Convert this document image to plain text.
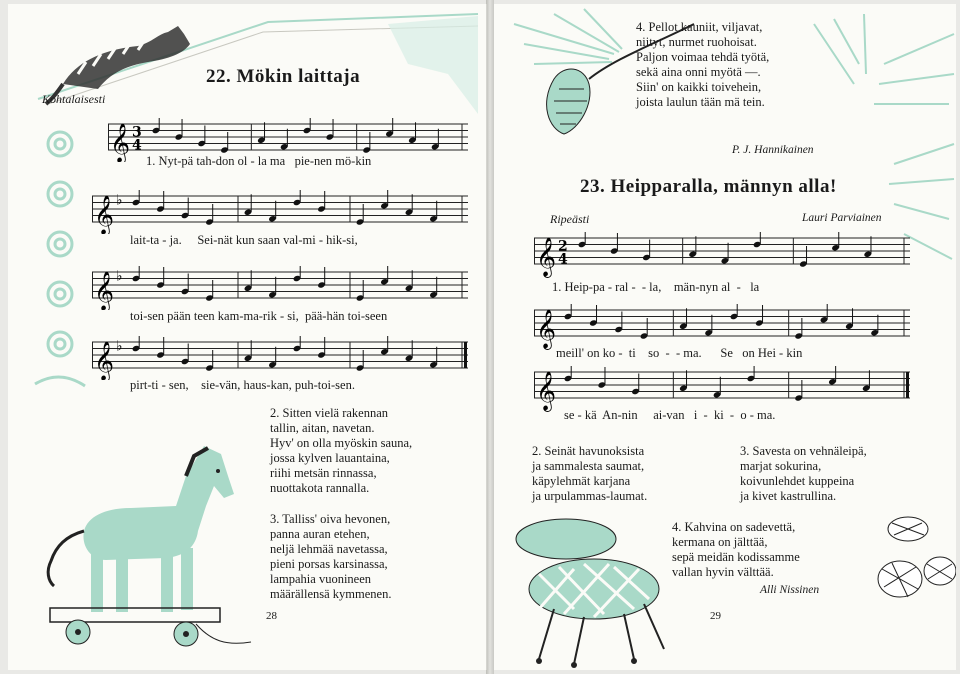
22. Mökin laittaja
Kohtalaisesti
𝄞 3
4
1. Nyt-pä tah-don ol - la ma   pie-nen mö-kin
𝄞 ♭
lait-ta - ja.     Sei-nät kun saan val-mi - hik-si,
𝄞 ♭
toi-sen pään teen kam-ma-rik - si,  pää-hän toi-seen
𝄞 ♭
pirt-ti - sen,    sie-vän, haus-kan, puh-toi-sen.
2. Sitten vielä rakennan
tallin, aitan, navetan.
Hyv' on olla myöskin sauna,
jossa kylven lauantaina,
riihi metsän rinnassa,
nuottakota rannalla.
3. Talliss' oiva hevonen,
panna auran etehen,
neljä lehmää navetassa,
pieni porsas karsinassa,
lampahia vuonineen
määrällensä kymmenen.
28
4. Pellot kauniit, viljavat,
niityt, nurmet ruohoisat.
Paljon voimaa tehdä työtä,
sekä aina onni myötä —.
Siin' on kaikki toivehein,
joista laulun tään mä tein.
P. J. Hannikainen
23. Heipparalla, männyn alla!
Ripeästi	Lauri Parviainen
𝄞 2
4
1. Heip-pa - ral -  - la,    män-nyn al  -   la
𝄞
meill' on ko -  ti    so  -  - ma.      Se   on Hei - kin
𝄞
se - kä  An-nin     ai-van   i  -  ki  -  o - ma.
2. Seinät havunoksista
ja sammalesta saumat,
käpylehmät karjana
ja urpulammas-laumat.
3. Savesta on vehnäleipä,
marjat sokurina,
koivunlehdet kuppeina
ja kivet kastrullina.
4. Kahvina on sadevettä,
kermana on jälttää,
sepä meidän kodissamme
vallan hyvin välttää.
Alli Nissinen
29
